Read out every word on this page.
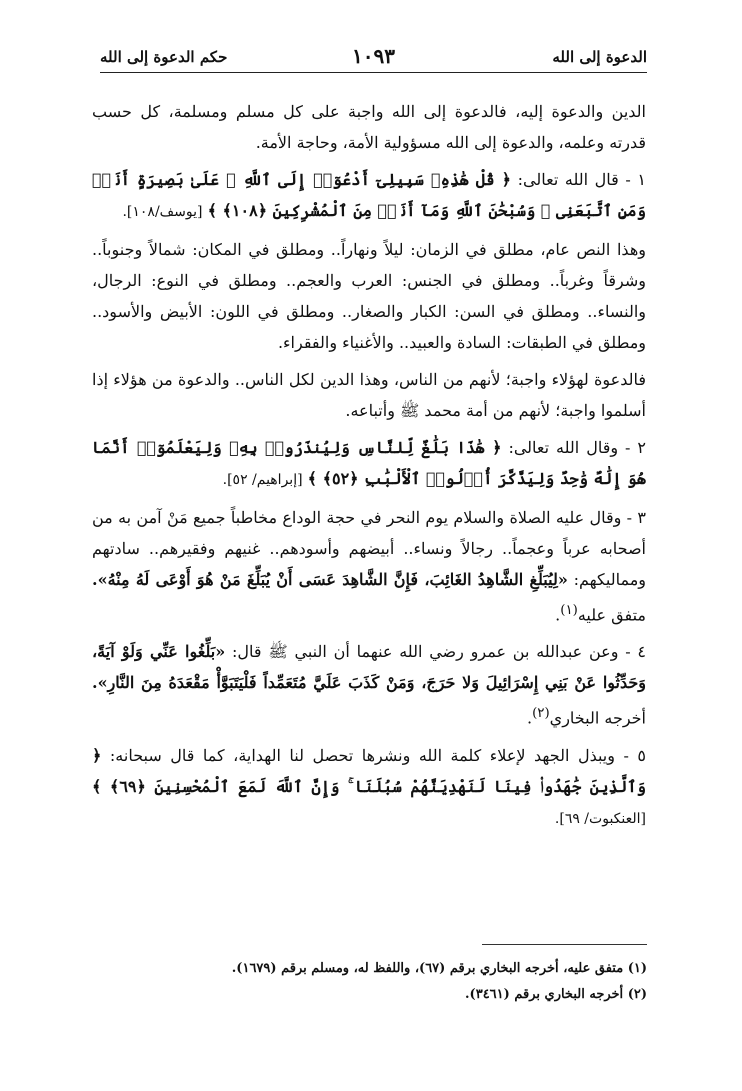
الدعوة إلى الله
١٠٩٣
حكم الدعوة إلى الله

الدين والدعوة إليه، فالدعوة إلى الله واجبة على كل مسلم ومسلمة، كل حسب قدرته وعلمه، والدعوة إلى الله مسؤولية الأمة، وحاجة الأمة.

١ - قال الله تعالى: ﴿ قُلْ هَٰذِهِۦ سَبِيلِىٓ أَدْعُوٓا۟ إِلَى ٱللَّهِ ۚ عَلَىٰ بَصِيرَةٍ أَنَا۠ وَمَنِ ٱتَّبَعَنِى ۖ وَسُبْحَٰنَ ٱللَّهِ وَمَآ أَنَا۠ مِنَ ٱلْمُشْرِكِينَ ﴿١٠٨﴾ ﴾ [يوسف/١٠٨].

وهذا النص عام، مطلق في الزمان: ليلاً ونهاراً.. ومطلق في المكان: شمالاً وجنوباً.. وشرقاً وغرباً.. ومطلق في الجنس: العرب والعجم.. ومطلق في النوع: الرجال، والنساء.. ومطلق في السن: الكبار والصغار.. ومطلق في اللون: الأبيض والأسود.. ومطلق في الطبقات: السادة والعبيد.. والأغنياء والفقراء.

فالدعوة لهؤلاء واجبة؛ لأنهم من الناس، وهذا الدين لكل الناس.. والدعوة من هؤلاء إذا أسلموا واجبة؛ لأنهم من أمة محمد ﷺ وأتباعه.

٢ - وقال الله تعالى: ﴿ هَٰذَا بَلَٰغٌ لِّلنَّاسِ وَلِيُنذَرُوا۟ بِهِۦ وَلِيَعْلَمُوٓا۟ أَنَّمَا هُوَ إِلَٰهٌ وَٰحِدٌ وَلِيَذَّكَّرَ أُو۟لُوا۟ ٱلْأَلْبَٰبِ ﴿٥٢﴾ ﴾ [إبراهيم/ ٥٢].

٣ - وقال عليه الصلاة والسلام يوم النحر في حجة الوداع مخاطباً جميع مَنْ آمن به من أصحابه عرباً وعجماً.. رجالاً ونساء.. أبيضهم وأسودهم.. غنيهم وفقيرهم.. سادتهم ومماليكهم: «لِيُبَلِّغِ الشَّاهِدُ الغَائِبَ، فَإِنَّ الشَّاهِدَ عَسَى أَنْ يُبَلِّغَ مَنْ هُوَ أَوْعَى لَهُ مِنْهُ». متفق عليه$^{(١)}$.

٤ - وعن عبدالله بن عمرو رضي الله عنهما أن النبي ﷺ قال: «بَلِّغُوا عَنِّي وَلَوْ آيَةً، وَحَدِّثُوا عَنْ بَنِي إِسْرَائِيلَ وَلا حَرَجَ، وَمَنْ كَذَبَ عَلَيَّ مُتَعَمِّداً فَلْيَتَبَوَّأْ مَقْعَدَهُ مِنَ النَّارِ». أخرجه البخاري$^{(٢)}$.

٥ - ويبذل الجهد لإعلاء كلمة الله ونشرها تحصل لنا الهداية، كما قال سبحانه: ﴿ وَٱلَّذِينَ جَٰهَدُوا۟ فِينَا لَنَهْدِيَنَّهُمْ سُبُلَنَا ۚ وَإِنَّ ٱللَّهَ لَمَعَ ٱلْمُحْسِنِينَ ﴿٦٩﴾ ﴾ [العنكبوت/ ٦٩].

(١) متفق عليه، أخرجه البخاري برقم (٦٧)، واللفظ له، ومسلم برقم (١٦٧٩).
(٢) أخرجه البخاري برقم (٣٤٦١).
